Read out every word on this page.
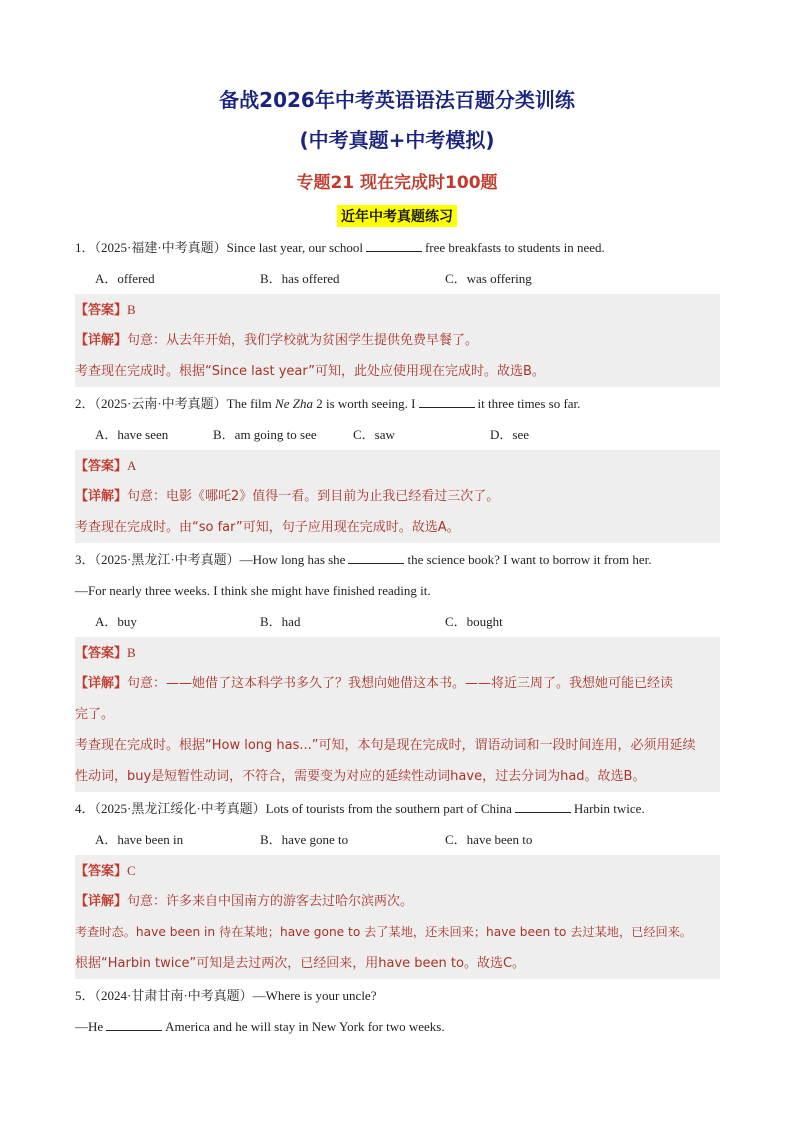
备战2026年中考英语语法百题分类训练
(中考真题+中考模拟)
专题21 现在完成时100题
近年中考真题练习
1．（2025·福建·中考真题）Since last year, our school	free breakfasts to students in need.
A．offered	B．has offered	C．was offering
【答案】B
【详解】句意：从去年开始，我们学校就为贫困学生提供免费早餐了。
考查现在完成时。根据“Since last year”可知，此处应使用现在完成时。故选B。
2．（2025·云南·中考真题）The film Ne Zha 2 is worth seeing. I	it three times so far.
A．have seen	B．am going to see	C．saw	D．see
【答案】A
【详解】句意：电影《哪吒2》值得一看。到目前为止我已经看过三次了。
考查现在完成时。由“so far”可知，句子应用现在完成时。故选A。
3．（2025·黑龙江·中考真题）—How long has she	the science book? I want to borrow it from her.
—For nearly three weeks. I think she might have finished reading it.
A．buy	B．had	C．bought
【答案】B
【详解】句意：——她借了这本科学书多久了？我想向她借这本书。——将近三周了。我想她可能已经读
完了。
考查现在完成时。根据“How long has...”可知，本句是现在完成时，谓语动词和一段时间连用，必须用延续
性动词，buy是短暂性动词，不符合，需要变为对应的延续性动词have，过去分词为had。故选B。
4．（2025·黑龙江绥化·中考真题）Lots of tourists from the southern part of China	Harbin twice.
A．have been in	B．have gone to	C．have been to
【答案】C
【详解】句意：许多来自中国南方的游客去过哈尔滨两次。
考查时态。have been in 待在某地；have gone to 去了某地，还未回来；have been to 去过某地，已经回来。
根据“Harbin twice”可知是去过两次，已经回来，用have been to。故选C。
5．（2024·甘肃甘南·中考真题）—Where is your uncle?
—He	America and he will stay in New York for two weeks.
